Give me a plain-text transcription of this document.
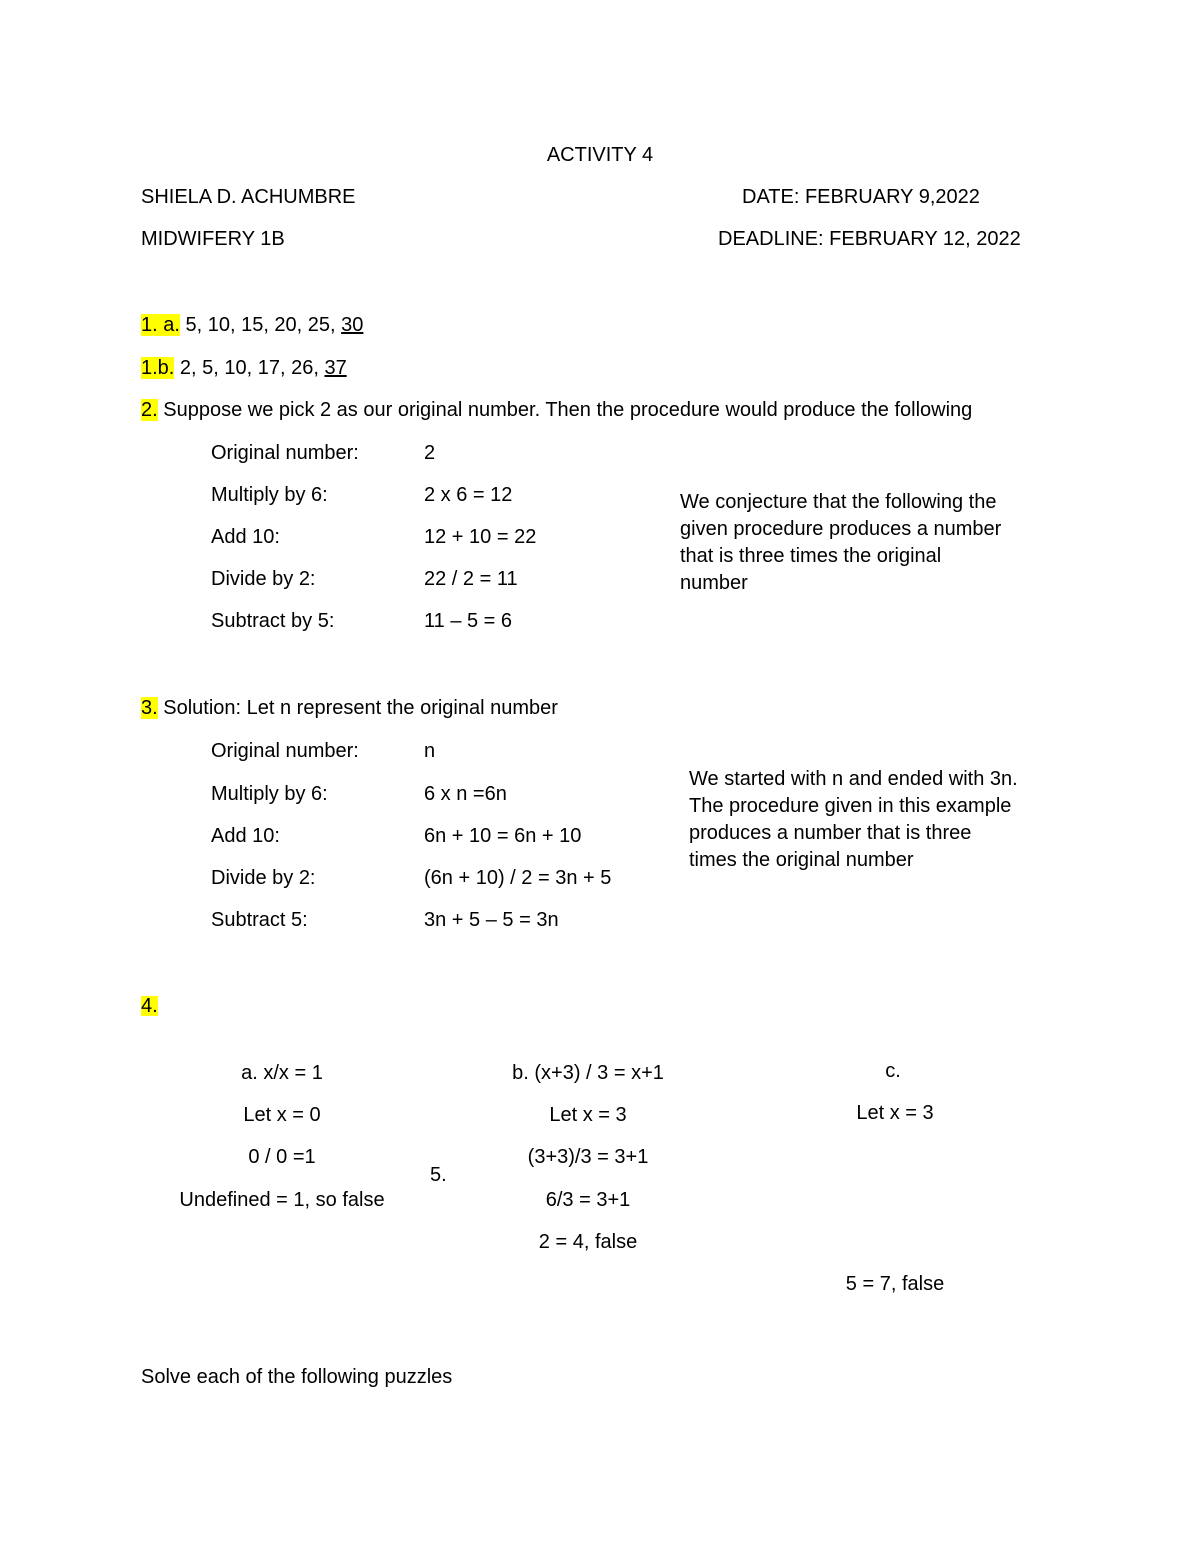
ACTIVITY 4
SHIELA D. ACHUMBRE	DATE: FEBRUARY 9,2022
MIDWIFERY 1B	DEADLINE: FEBRUARY 12, 2022
1. a. 5, 10, 15, 20, 25, 30
1.b. 2, 5, 10, 17, 26, 37
2. Suppose we pick 2 as our original number. Then the procedure would produce the following
Original number:	2
Multiply by 6:	2 x 6 = 12
Add 10:	12 + 10 = 22
Divide by 2:	22 / 2 = 11
Subtract by 5:	11 – 5 = 6
We conjecture that the following the given procedure produces a number that is three times the original number
3. Solution: Let n represent the original number
Original number:	n
Multiply by 6:	6 x n =6n
Add 10:	6n + 10 = 6n + 10
Divide by 2:	(6n + 10) / 2 = 3n + 5
Subtract 5:	3n + 5 – 5 = 3n
We started with n and ended with 3n. The procedure given in this example produces a number that is three times the original number
4.
a. x/x = 1
Let x = 0
0 / 0 =1
Undefined = 1, so false
5.
b. (x+3) / 3 = x+1
Let x = 3
(3+3)/3 = 3+1
6/3 = 3+1
2 = 4, false
c.
Let x = 3
5 = 7, false
Solve each of the following puzzles
